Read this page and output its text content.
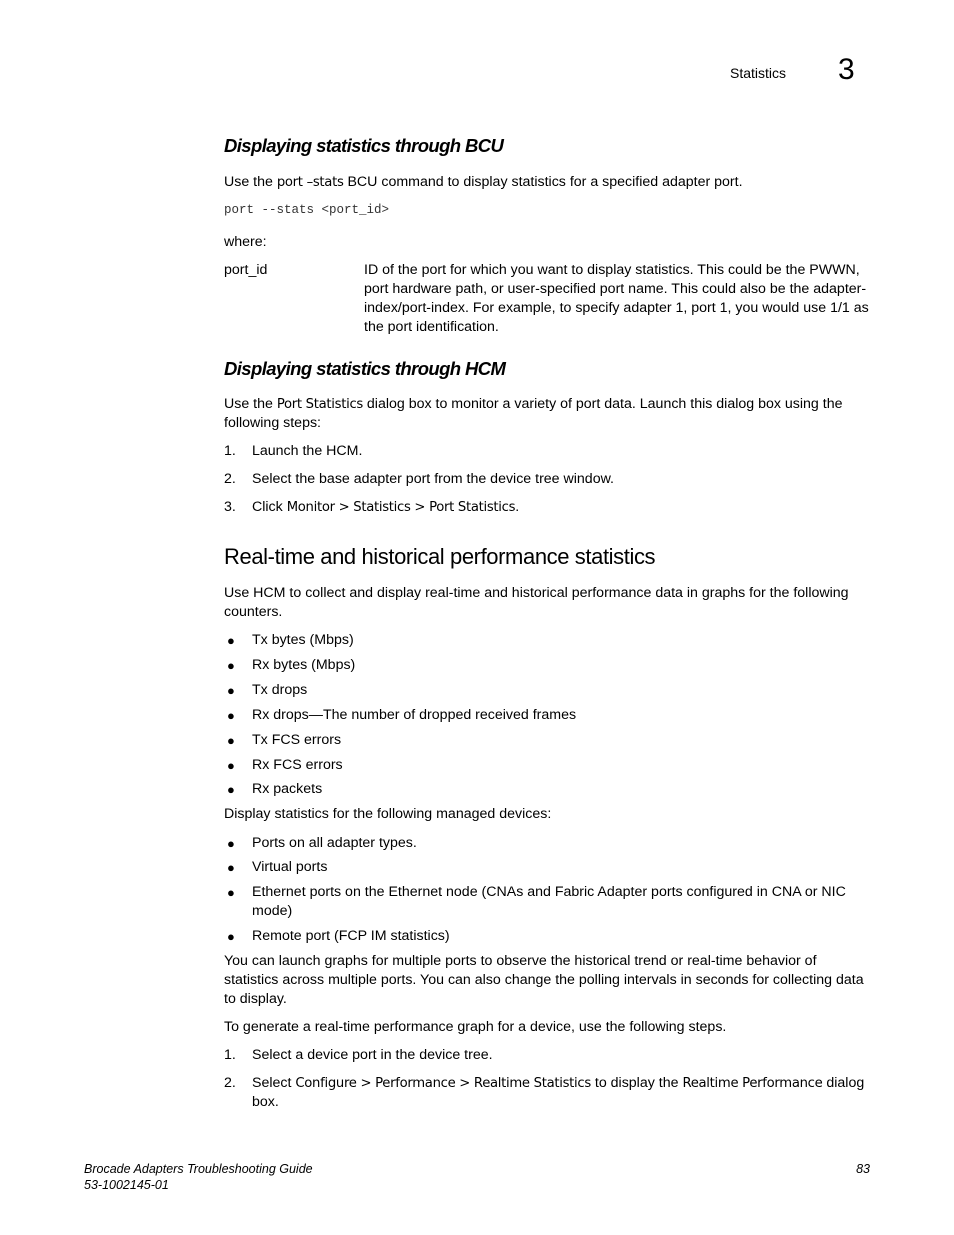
Statistics 3
Displaying statistics through BCU
Use the port –stats BCU command to display statistics for a specified adapter port.
port --stats <port_id>
where:
port_id	ID of the port for which you want to display statistics. This could be the PWWN, port hardware path, or user-specified port name. This could also be the adapter-index/port-index. For example, to specify adapter 1, port 1, you would use 1/1 as the port identification.
Displaying statistics through HCM
Use the Port Statistics dialog box to monitor a variety of port data. Launch this dialog box using the following steps:
1. Launch the HCM.
2. Select the base adapter port from the device tree window.
3. Click Monitor > Statistics > Port Statistics.
Real-time and historical performance statistics
Use HCM to collect and display real-time and historical performance data in graphs for the following counters.
● Tx bytes (Mbps)
● Rx bytes (Mbps)
● Tx drops
● Rx drops—The number of dropped received frames
● Tx FCS errors
● Rx FCS errors
● Rx packets
Display statistics for the following managed devices:
● Ports on all adapter types.
● Virtual ports
● Ethernet ports on the Ethernet node (CNAs and Fabric Adapter ports configured in CNA or NIC mode)
● Remote port (FCP IM statistics)
You can launch graphs for multiple ports to observe the historical trend or real-time behavior of statistics across multiple ports. You can also change the polling intervals in seconds for collecting data to display.
To generate a real-time performance graph for a device, use the following steps.
1. Select a device port in the device tree.
2. Select Configure > Performance > Realtime Statistics to display the Realtime Performance dialog box.
Brocade Adapters Troubleshooting Guide
53-1002145-01
83
